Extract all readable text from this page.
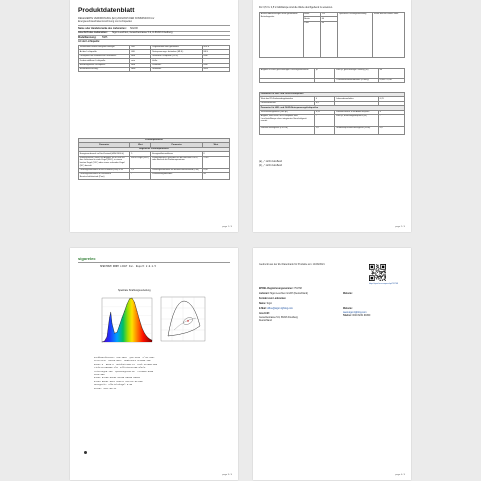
Produktdatenblatt
DELEGIERTE VERORDNUNG (EU) 2019/2015 DER KOMMISSION zur
Energieverbrauchskennzeichnung von Lichtquellen
Name oder Handelsmarke des Lieferanten: SIGOR
Anschrift des Lieferanten: Sigor-Leuchten, Gewerbestrasse 5-9, D-86316 Friedberg
Modellkennung: 5985
Art der Lichtquelle:
Verwendete Beleuchtungstechnologie:	LED	Ungebündelt oder gebündelt:	NDLS
Art der Lichtquelle:	LED	Netzspannungs- betrieben (MLS):	MLS
Lichtquelle mit zusätzlichen Funktionen:	nein	Vernetzte Lichtquelle (CLS):	nein
Farbeinstellbare Lichtquelle:	nein	Hülle:	-
Blendungsarme Lichtquelle:	nein	Dimmbar:	nein
Bauartbezeichnung:	Netz	Standard:	Netz
Produktparameter			
Parameter	Wert	Parameter	Wert
Allgemeine Produktparameter			
Energieverbrauch im Ein-Zustand (kWh/1000 h)	5	Energieeffizienzklasse	F
Nutzlichtstrom (Φuse) mit Angabe, ob er sich auf den Lichtstrom in einer Kugel (360°), in einem breiten Kegel (120°) oder einem schmalen Kegel (90°) bezieht	806 in Kugel (360°)	Farbtemperatur, gerundet auf die nächsten 100 K, oder Bereich der Farbtemperaturen	2700
Leistungsaufnahme im Ein-Zustand (Pon) in W	5,2	Leistungsaufnahme im Bereitschaftszustand (Psb)	0,00
Leistungsaufnahme im vernetzten Bereitschaftsbetrieb (Pnet)	-	Farbwiedergabeindex	80
page 1 / 4
Für 3,5 V-/ 4,5 V-Glühlampe sind die Werte durchgehend zu ersetzen.
Äußere Abmessungen ohne gesonderte Betriebsgeräte	Höhe	115	Spektrale Leistungsverteilung	Siehe Bild auf letzter Seite
	Breite	60		
	Tiefe	60		
Angabe zu einer gleichwertigen Leistungsaufnahme	ja	Falls ja, gleichwertige Leistung (W)	60
		Chromatizitätskoordinaten (x und y)	0,460 / 0,410
Parameter für LED- und OLED-Lichtquellen			
Wert des R9-Farbwiedergabeindex	0	Lebensdauerfaktor	0,70
Lichtstromerhalt	0,9		
Parameter für LED- und OLED-Netzspannungslichtquellen			
Verschiebungsfaktor (cos φ1)	0,55	Farbkonsistenz in McAdam-Ellipsen	6
Angabe, dass eine LED-Lichtquelle eine Leuchtstofflampe ohne integriertes Vorschaltgerät ersetzt.	-	Falls ja, Ersetzungsanspruch (W)	-
Flimmer-Messgröße (Pst LM)	1,0	Stroboskop-Effekt-Messgröße (SVM)	0,4
(a) „-" nicht zutreffend
(b) „-" nicht zutreffend
page 2 / 4
sigorelec
SPEKTRUM NORM LICHT Inc. Report 2.0.1.5
Spektrale Strahlungsverteilung
Farbkoordinaten: x=0.4601  y=0.4103  u'=0.2567
CCT=2712K  Duv=0.0021  Dominante WL=583.4nm
Ra=82.3  R9=0.6  Reinheit=55.1%  Peak WL=605.0nm
Lichtstrom=806.2lm  Effizienz=155.0lm/W
Leistung=5.20W  Spannung=230.0V  Strom=0.040A
PF=0.550
R1=81 R2=90 R3=94 R4=80 R5=80 R6=84
R7=84 R8=61 R9=1 R10=77 R11=79 R12=59
Messgerät: Ulbrichtkugel 0.5m
Datum: 2021-06-14
page 3 / 4
Gedruckt aus der EU-Datenbank für Produkte am: 14/06/2021
https://eprel.ec.europa.eu/qr/751768
EPREL-Registrierungsnummer: 751768
Lieferant: Sigor-Leuchten GmbH (Deutschland)
Kontakt zum Lieferanten
Name: Sigor
E-Mail: office@sigor-lighting.com
Anschrift:
Gewerbestrasse 5-9, 86316 Friedberg
Deutschland
Website:
Website:
www.sigor-lighting.com
Telefon: 0049 8231 99300
page 4 / 4
